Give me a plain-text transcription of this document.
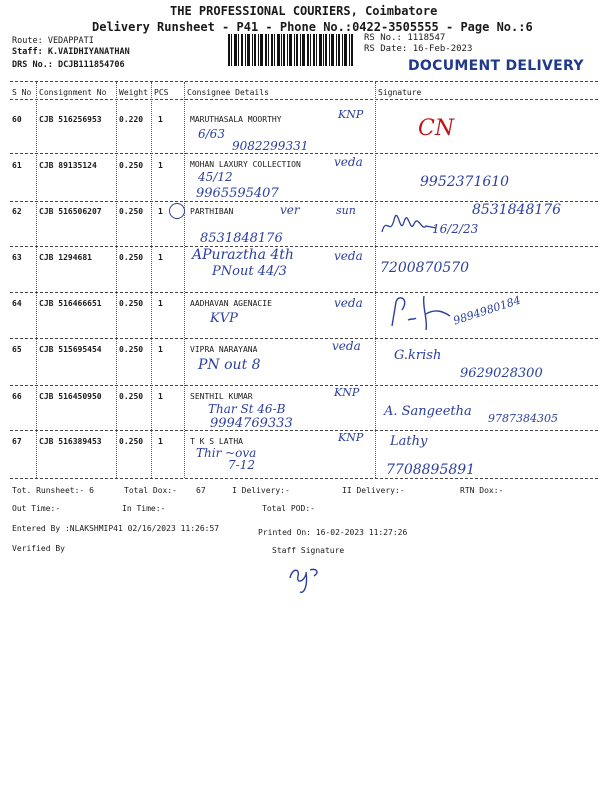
THE PROFESSIONAL COURIERS, Coimbatore
Delivery Runsheet - P41 - Phone No.:0422-3505555 - Page No.:6
Route: VEDAPPATI
Staff: K.VAIDHIYANATHAN
DRS No.: DCJB111854706
RS No.: 1118547
RS Date: 16-Feb-2023
DOCUMENT DELIVERY
S No Consignment No Weight PCS Consignee Details	Signature
60 CJB 516256953 0.220 1	MARUTHASALA MOORTHY
6/63
9082299331
KNP
CN
61 CJB 89135124	0.250 1	MOHAN LAXURY COLLECTION
45/12
9965595407
veda
9952371610
62 CJB 516506207 0.250 1	PARTHIBAN	ver
8531848176
sun	8531848176
16/2/23
63 CJB 1294681	0.250 1 APuraztha 4th
PNout 44/3
veda
7200870570
64 CJB 516466651 0.250 1	AADHAVAN AGENACIE
KVP
veda	9894980184
65 CJB 515695454 0.250 1	VIPRA NARAYANA
PN out 8
veda
G.krish
9629028300
66 CJB 516450950 0.250 1	SENTHIL KUMAR
Thar St 46-B
9994769333
KNP
A. Sangeetha 9787384305
67 CJB 516389453 0.250 1	T K S LATHA
Thir ~ova
7-12
KNP Lathy
7708895891
Tot. Runsheet:- 6	Total Dox:- 67	I Delivery:-	II Delivery:-	RTN Dox:-
Out Time:-	In Time:-	Total POD:-
Entered By :NLAKSHMIP41 02/16/2023 11:26:57	Printed On: 16-02-2023 11:27:26
Verified By	Staff Signature
